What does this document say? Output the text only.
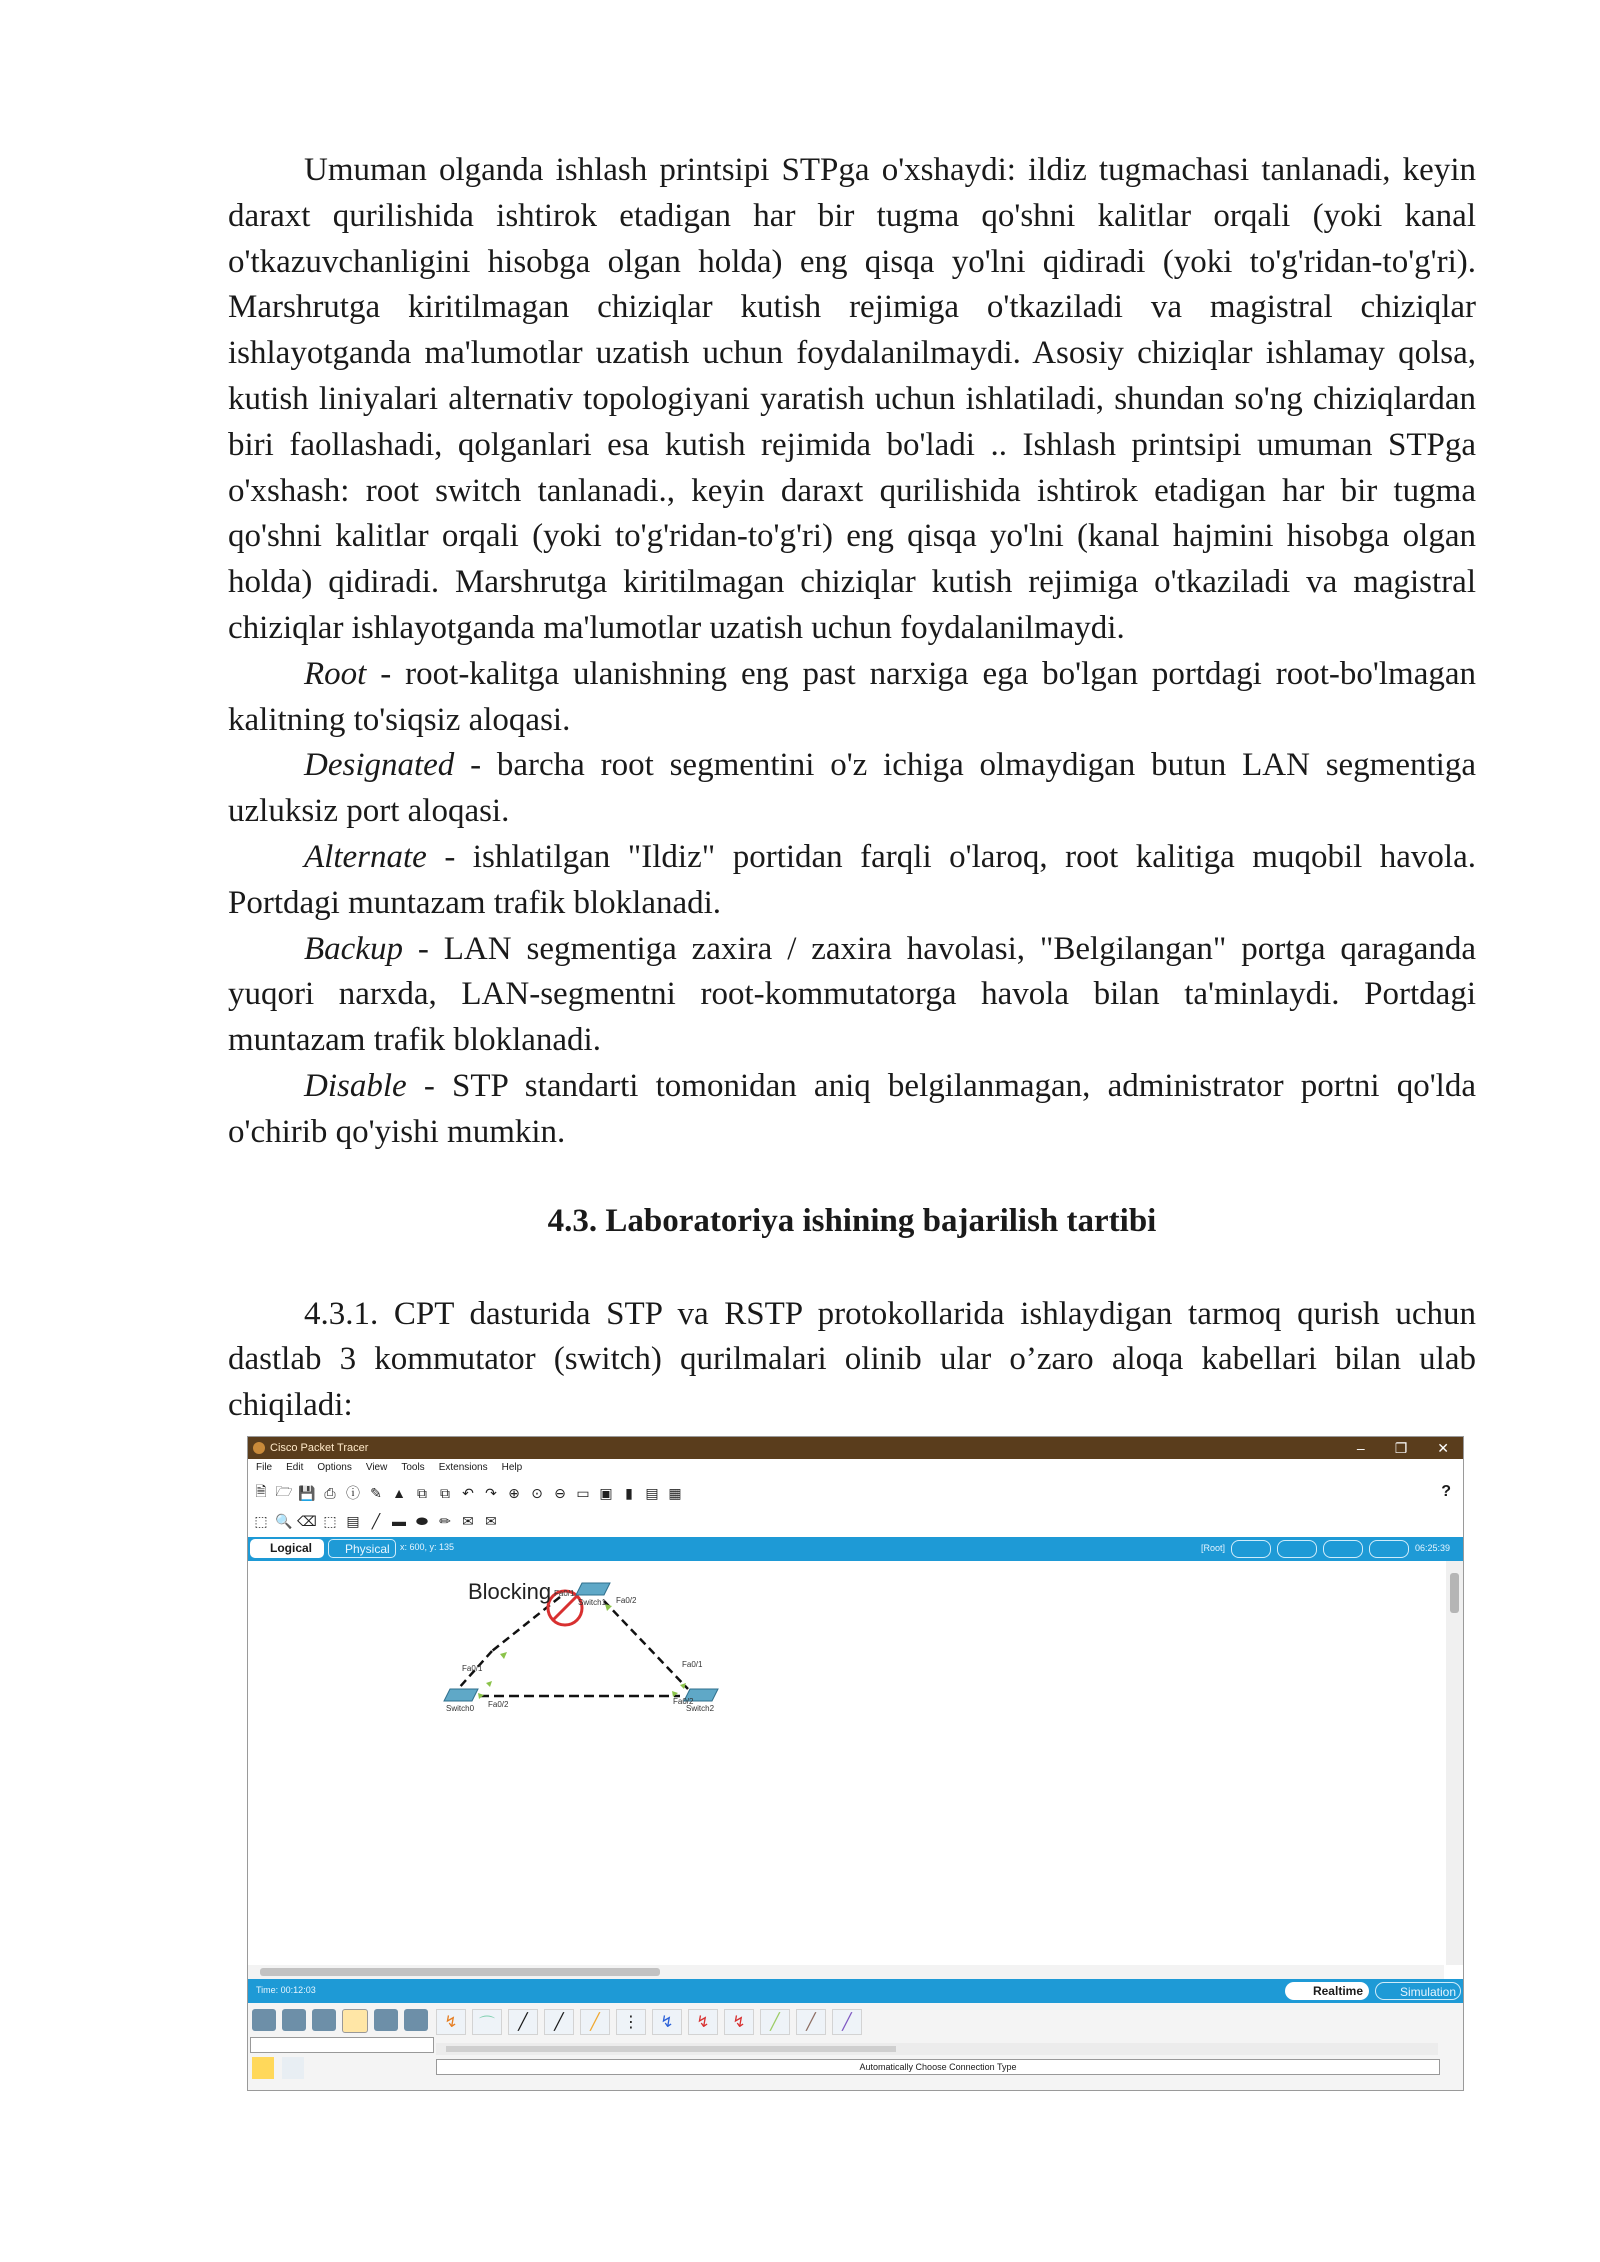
Umuman olganda ishlash printsipi STPga o'xshaydi: ildiz tugmachasi tanlanadi, keyin daraxt qurilishida ishtirok etadigan har bir tugma qo'shni kalitlar orqali (yoki kanal o'tkazuvchanligini hisobga olgan holda) eng qisqa yo'lni qidiradi (yoki to'g'ridan-to'g'ri). Marshrutga kiritilmagan chiziqlar kutish rejimiga o'tkaziladi va magistral chiziqlar ishlayotganda ma'lumotlar uzatish uchun foydalanilmaydi. Asosiy chiziqlar ishlamay qolsa, kutish liniyalari alternativ topologiyani yaratish uchun ishlatiladi, shundan so'ng chiziqlardan biri faollashadi, qolganlari esa kutish rejimida bo'ladi .. Ishlash printsipi umuman STPga o'xshash: root switch tanlanadi., keyin daraxt qurilishida ishtirok etadigan har bir tugma qo'shni kalitlar orqali (yoki to'g'ridan-to'g'ri) eng qisqa yo'lni (kanal hajmini hisobga olgan holda) qidiradi. Marshrutga kiritilmagan chiziqlar kutish rejimiga o'tkaziladi va magistral chiziqlar ishlayotganda ma'lumotlar uzatish uchun foydalanilmaydi.

Root - root-kalitga ulanishning eng past narxiga ega bo'lgan portdagi root-bo'lmagan kalitning to'siqsiz aloqasi.

Designated - barcha root segmentini o'z ichiga olmaydigan butun LAN segmentiga uzluksiz port aloqasi.

Alternate - ishlatilgan "Ildiz" portidan farqli o'laroq, root kalitiga muqobil havola. Portdagi muntazam trafik bloklanadi.

Backup - LAN segmentiga zaxira / zaxira havolasi, "Belgilangan" portga qaraganda yuqori narxda, LAN-segmentni root-kommutatorga havola bilan ta'minlaydi. Portdagi muntazam trafik bloklanadi.

Disable - STP standarti tomonidan aniq belgilanmagan, administrator portni qo'lda o'chirib qo'yishi mumkin.

4.3. Laboratoriya ishining bajarilish tartibi

4.3.1. CPT dasturida STP va RSTP protokollarida ishlaydigan tarmoq qurish uchun dastlab 3 kommutator (switch) qurilmalari olinib ular o’zaro aloqa kabellari bilan ulab chiqiladi:

Cisco Packet Tracer	– ❐ ✕
File Edit Options View Tools Extensions Help
🗎 🗁 💾 ⎙ ⓘ ✎ ▲ ⧉ ⧉ ↶ ↷ ⊕ ⊙ ⊖ ▭ ▣ ▮ ▤ ▦	?
⬚ 🔍 ⌫ ⬚ ▤ ╱ ▬ ⬬ ✏ ✉ ✉
Logical	Physical	x: 600, y: 135	[Root]	06:25:39
Blocking	Switch1
Fa0/1
Fa0/2
Switch0
Fa0/1
Fa0/2	Switch2
Fa0/1
Fa0/2
Time: 00:12:03	Realtime	Simulation
↯	⌒	╱	╱	╱	⋮	↯	↯	↯	╱	╱	╱
Automatically Choose Connection Type
